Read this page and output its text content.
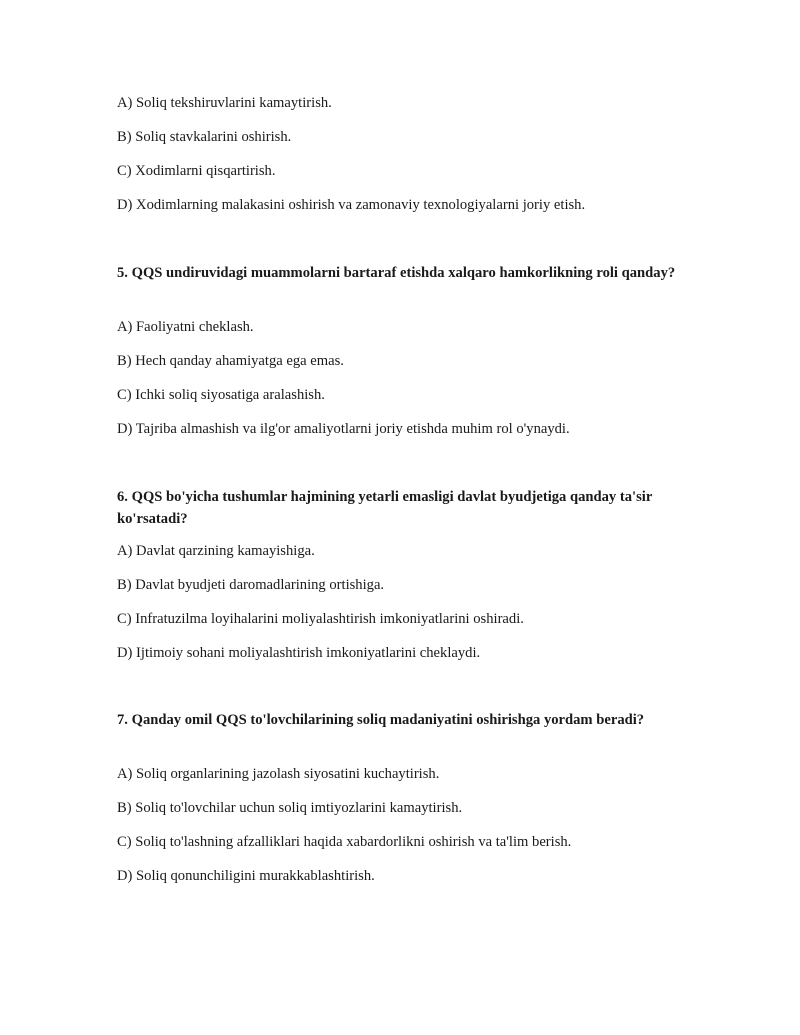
A) Soliq tekshiruvlarini kamaytirish.

B) Soliq stavkalarini oshirish.

C) Xodimlarni qisqartirish.

D) Xodimlarning malakasini oshirish va zamonaviy texnologiyalarni joriy etish.

5. QQS undiruvidagi muammolarni bartaraf etishda xalqaro hamkorlikning roli qanday?

A) Faoliyatni cheklash.

B) Hech qanday ahamiyatga ega emas.

C) Ichki soliq siyosatiga aralashish.

D) Tajriba almashish va ilg'or amaliyotlarni joriy etishda muhim rol o'ynaydi.

6. QQS bo'yicha tushumlar hajmining yetarli emasligi davlat byudjetiga qanday ta'sir ko'rsatadi?

A) Davlat qarzining kamayishiga.

B) Davlat byudjeti daromadlarining ortishiga.

C) Infratuzilma loyihalarini moliyalashtirish imkoniyatlarini oshiradi.

D) Ijtimoiy sohani moliyalashtirish imkoniyatlarini cheklaydi.

7. Qanday omil QQS to'lovchilarining soliq madaniyatini oshirishga yordam beradi?

A) Soliq organlarining jazolash siyosatini kuchaytirish.

B) Soliq to'lovchilar uchun soliq imtiyozlarini kamaytirish.

C) Soliq to'lashning afzalliklari haqida xabardorlikni oshirish va ta'lim berish.

D) Soliq qonunchiligini murakkablashtirish.
